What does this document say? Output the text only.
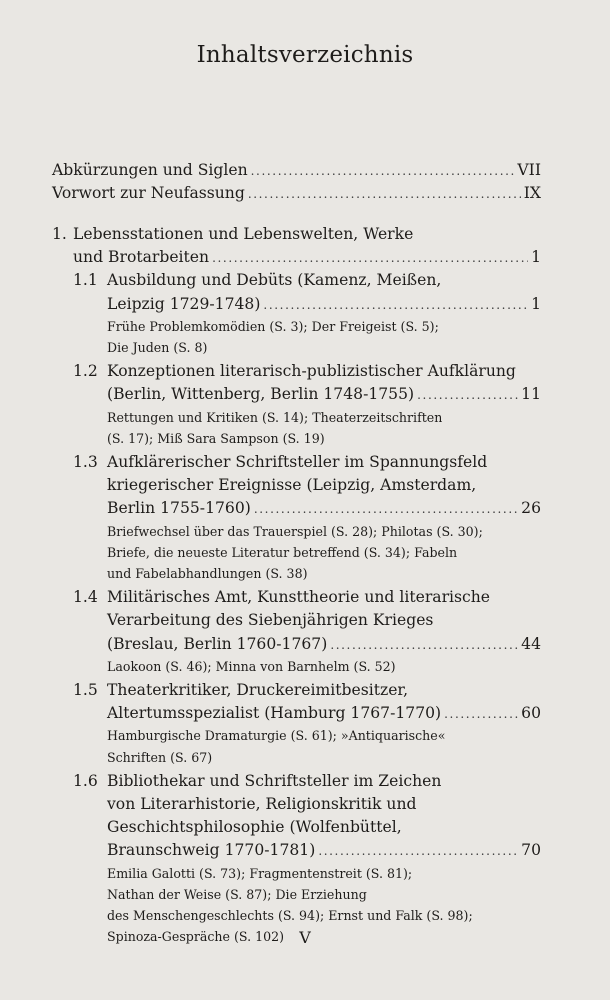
Inhaltsverzeichnis
Abkürzungen und Siglen .....	VII
Vorwort zur Neufassung .....	IX
1. Lebensstationen und Lebenswelten, Werke
und Brotarbeiten .....	1
1.1 Ausbildung und Debüts (Kamenz, Meißen,
Leipzig 1729-1748) .....	1
Frühe Problemkomödien (S. 3); Der Freigeist (S. 5);
Die Juden (S. 8)
1.2 Konzeptionen literarisch-publizistischer Aufklärung
(Berlin, Wittenberg, Berlin 1748-1755) .....	11
Rettungen und Kritiken (S. 14); Theaterzeitschriften
(S. 17); Miß Sara Sampson (S. 19)
1.3 Aufklärerischer Schriftsteller im Spannungsfeld
kriegerischer Ereignisse (Leipzig, Amsterdam,
Berlin 1755-1760) .....	26
Briefwechsel über das Trauerspiel (S. 28); Philotas (S. 30);
Briefe, die neueste Literatur betreffend (S. 34); Fabeln
und Fabelabhandlungen (S. 38)
1.4 Militärisches Amt, Kunsttheorie und literarische
Verarbeitung des Siebenjährigen Krieges
(Breslau, Berlin 1760-1767) .....	44
Laokoon (S. 46); Minna von Barnhelm (S. 52)
1.5 Theaterkritiker, Druckereimitbesitzer,
Altertumsspezialist (Hamburg 1767-1770) .....	60
Hamburgische Dramaturgie (S. 61); »Antiquarische«
Schriften (S. 67)
1.6 Bibliothekar und Schriftsteller im Zeichen
von Literarhistorie, Religionskritik und
Geschichtsphilosophie (Wolfenbüttel,
Braunschweig 1770-1781) .....	70
Emilia Galotti (S. 73); Fragmentenstreit (S. 81);
Nathan der Weise (S. 87); Die Erziehung
des Menschengeschlechts (S. 94); Ernst und Falk (S. 98);
Spinoza-Gespräche (S. 102) V
